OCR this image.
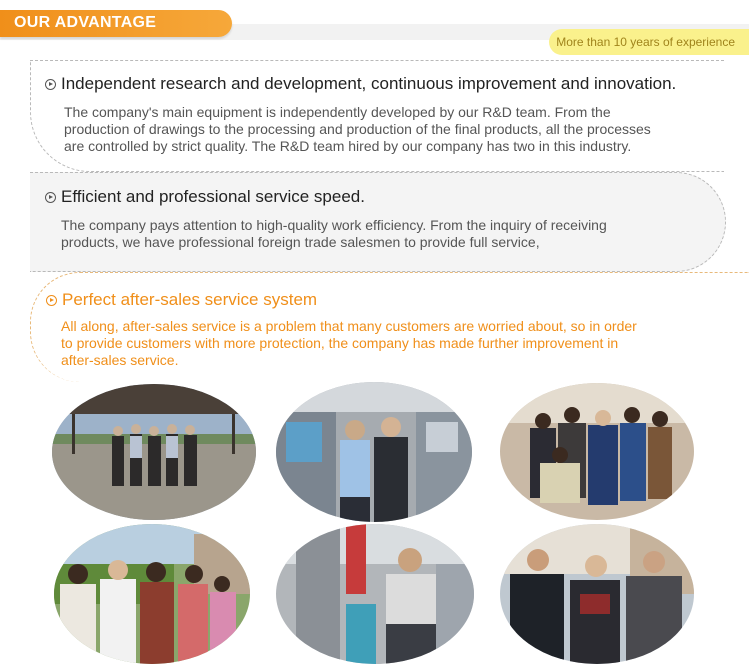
OUR ADVANTAGE
More than 10 years of experience
Independent research and development, continuous improvement and innovation.
The company's main equipment is independently developed by our R&D team. From the
production of drawings to the processing and production of the final products, all the processes
are controlled by strict quality. The R&D team hired by our company has two in this industry.
Efficient and professional service speed.
The company pays attention to high-quality work efficiency. From the inquiry of receiving
products, we have professional foreign trade salesmen to provide full service,
Perfect after-sales service system
All along, after-sales service is a problem that many customers are worried about, so in order
to provide customers with more protection, the company has made further improvement in
after-sales service.
